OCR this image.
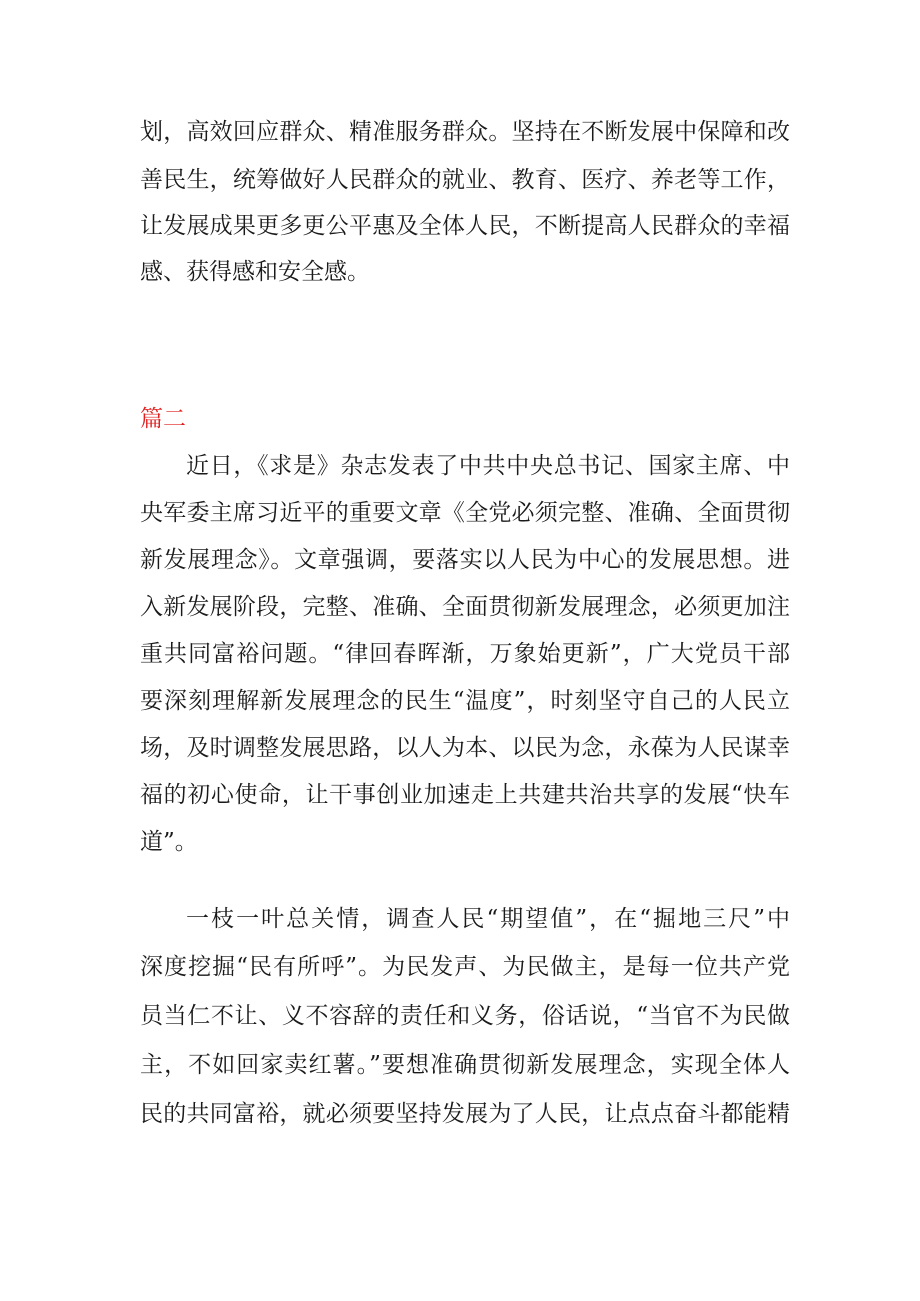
划，高效回应群众、精准服务群众。坚持在不断发展中保障和改
善民生，统筹做好人民群众的就业、教育、医疗、养老等工作，
让发展成果更多更公平惠及全体人民，不断提高人民群众的幸福
感、获得感和安全感。
篇二
近日，《求是》杂志发表了中共中央总书记、国家主席、中
央军委主席习近平的重要文章《全党必须完整、准确、全面贯彻
新发展理念》。文章强调，要落实以人民为中心的发展思想。进
入新发展阶段，完整、准确、全面贯彻新发展理念，必须更加注
重共同富裕问题。“律回春晖渐，万象始更新”，广大党员干部
要深刻理解新发展理念的民生“温度”，时刻坚守自己的人民立
场，及时调整发展思路，以人为本、以民为念，永葆为人民谋幸
福的初心使命，让干事创业加速走上共建共治共享的发展“快车
道”。
一枝一叶总关情，调查人民“期望值”，在“掘地三尺”中
深度挖掘“民有所呼”。为民发声、为民做主，是每一位共产党
员当仁不让、义不容辞的责任和义务，俗话说，“当官不为民做
主，不如回家卖红薯。”要想准确贯彻新发展理念，实现全体人
民的共同富裕，就必须要坚持发展为了人民，让点点奋斗都能精
